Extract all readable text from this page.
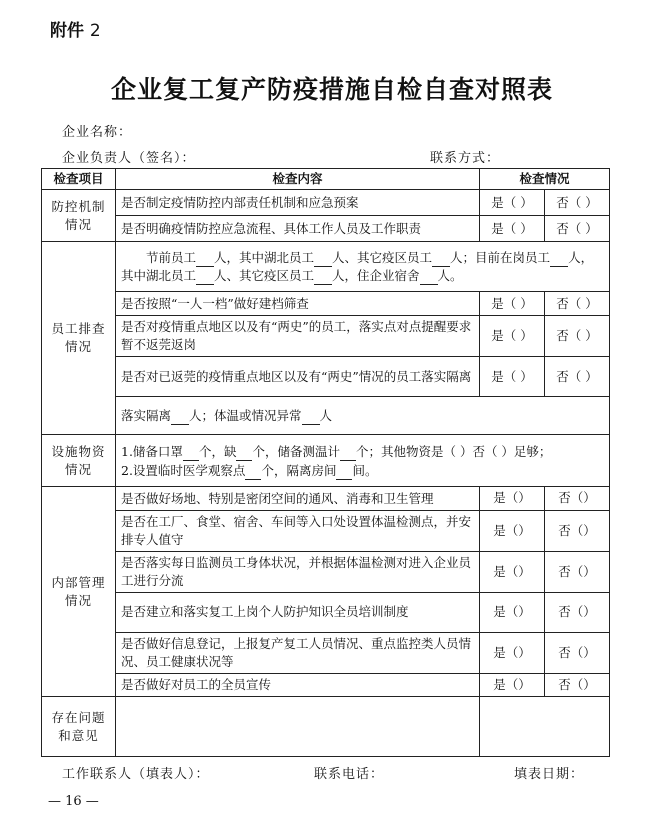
附件 2
企业复工复产防疫措施自检自查对照表
企业名称：
企业负责人（签名）：	联系方式：
检查项目	检查内容	检查情况	
防控机制情况	是否制定疫情防控内部责任机制和应急预案	是（ ）	否（ ）
	是否明确疫情防控应急流程、具体工作人员及工作职责	是（ ）	否（ ）
员工排查情况	节前员工 人，其中湖北员工 人、其它疫区员工 人；目前在岗员工 人，其中湖北员工 人、其它疫区员工 人，住企业宿舍 人。		
	是否按照“一人一档”做好建档筛查	是（ ）	否（ ）
	是否对疫情重点地区以及有“两史”的员工，落实点对点提醒要求暂不返莞返岗	是（ ）	否（ ）
	是否对已返莞的疫情重点地区以及有“两史”情况的员工落实隔离	是（ ）	否（ ）
	落实隔离 人；体温或情况异常 人		
设施物资情况	1.储备口罩 个，缺 个，储备测温计 个；其他物资是（ ）否（ ）足够；
2.设置临时医学观察点 个，隔离房间 间。		

内部管理情况	是否做好场地、特别是密闭空间的通风、消毒和卫生管理	是（）	否（）
	是否在工厂、食堂、宿舍、车间等入口处设置体温检测点，并安排专人值守	是（）	否（）
	是否落实每日监测员工身体状况，并根据体温检测对进入企业员工进行分流	是（）	否（）
	是否建立和落实复工上岗个人防护知识全员培训制度	是（）	否（）
	是否做好信息登记，上报复产复工人员情况、重点监控类人员情况、员工健康状况等	是（）	否（）
	是否做好对员工的全员宣传	是（）	否（）
存在问题和意见			
工作联系人（填表人）：	联系电话：	填表日期：
— 16 —
